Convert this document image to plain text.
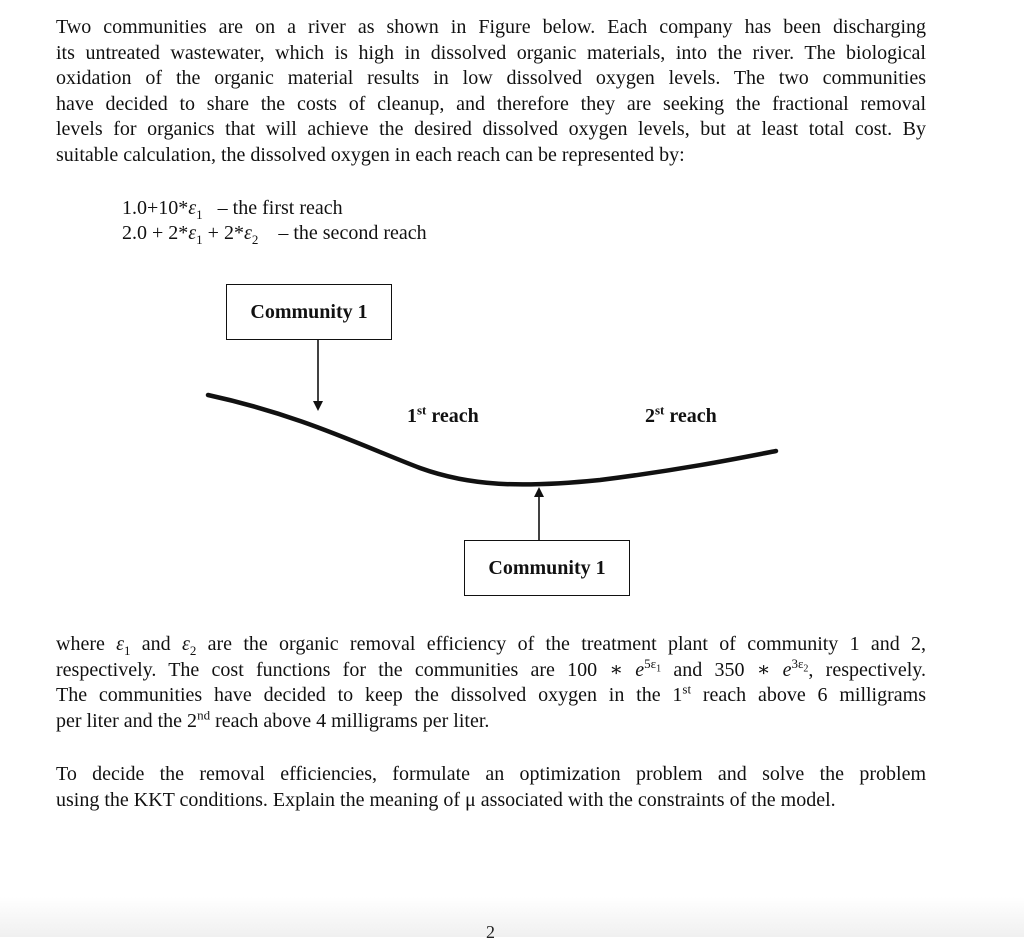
Two communities are on a river as shown in Figure below. Each company has been discharging
its untreated wastewater, which is high in dissolved organic materials, into the river. The biological
oxidation of the organic material results in low dissolved oxygen levels. The two communities
have decided to share the costs of cleanup, and therefore they are seeking the fractional removal
levels for organics that will achieve the desired dissolved oxygen levels, but at least total cost. By
suitable calculation, the dissolved oxygen in each reach can be represented by:
$1.0+10*\varepsilon_1$ – the first reach
$2.0 + 2*\varepsilon_1 + 2*\varepsilon_2$ – the second reach
Community 1
Community 1
1st reach	2st reach
where $\varepsilon_1$ and $\varepsilon_2$ are the organic removal efficiency of the treatment plant of community 1 and 2,
respectively. The cost functions for the communities are 100 ∗ $e^{5\varepsilon_1}$ and 350 ∗ $e^{3\varepsilon_2}$, respectively.
The communities have decided to keep the dissolved oxygen in the 1st reach above 6 milligrams
per liter and the 2nd reach above 4 milligrams per liter.
To decide the removal efficiencies, formulate an optimization problem and solve the problem
using the KKT conditions. Explain the meaning of μ associated with the constraints of the model.
2
